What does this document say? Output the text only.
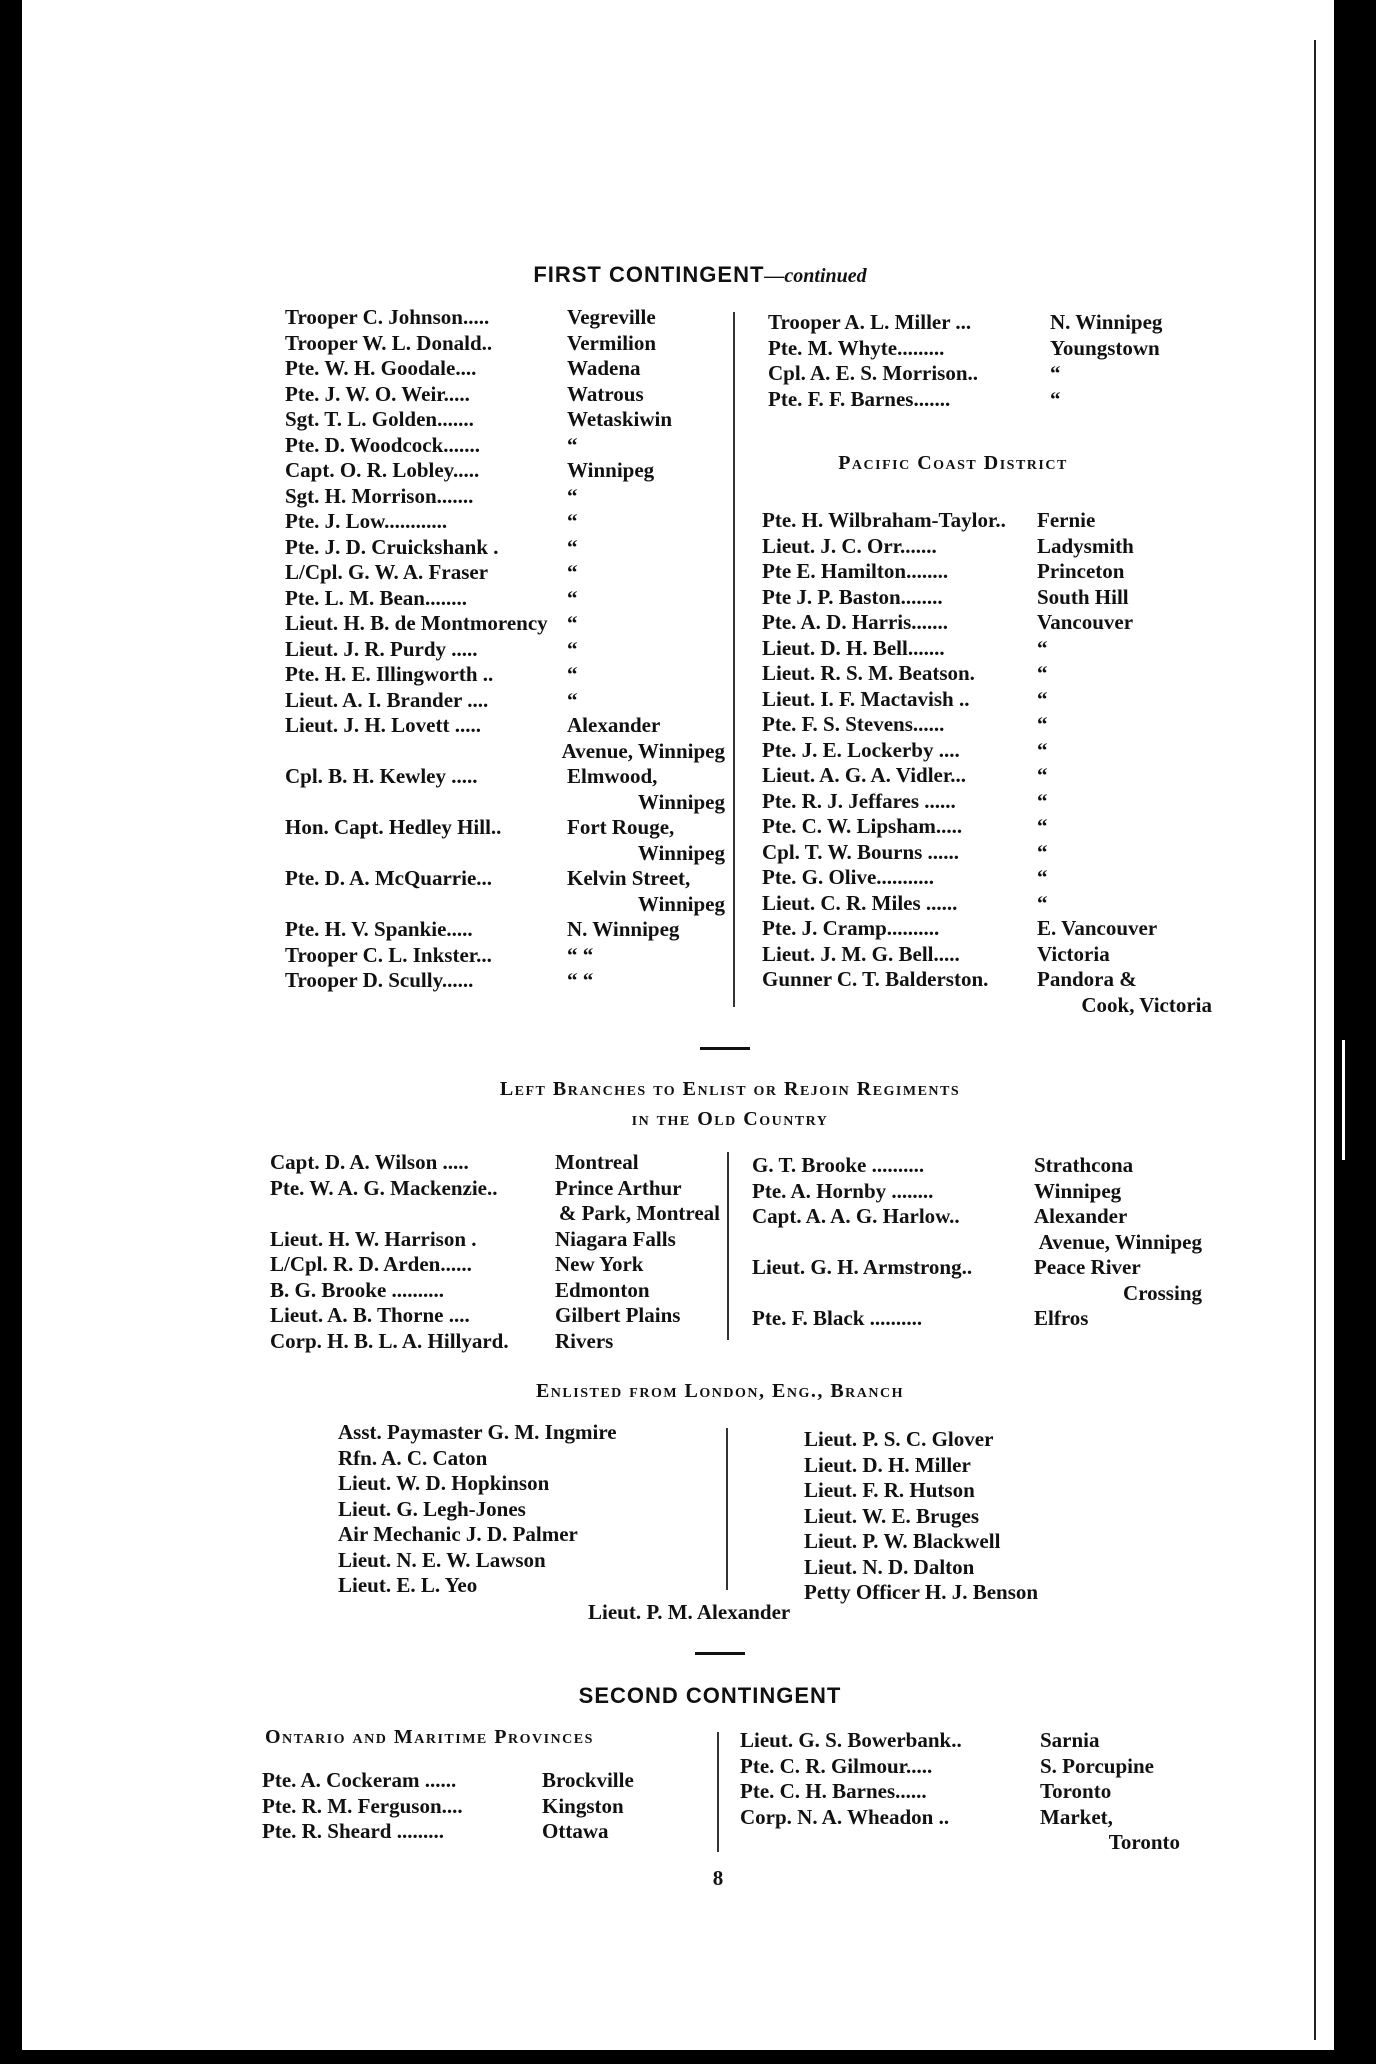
FIRST CONTINGENT—continued
Trooper C. Johnson.....	Vegreville
Trooper W. L. Donald..	Vermilion
Pte. W. H. Goodale....	Wadena
Pte. J. W. O. Weir.....	Watrous
Sgt. T. L. Golden.......	Wetaskiwin
Pte. D. Woodcock.......	“
Capt. O. R. Lobley.....	Winnipeg
Sgt. H. Morrison.......	“
Pte. J. Low............	“
Pte. J. D. Cruickshank .	“
L/Cpl. G. W. A. Fraser	“
Pte. L. M. Bean........	“
Lieut. H. B. de Montmorency “
Lieut. J. R. Purdy .....	“
Pte. H. E. Illingworth ..	“
Lieut. A. I. Brander ....	“
Lieut. J. H. Lovett .....	Alexander
Avenue, Winnipeg
Cpl. B. H. Kewley .....	Elmwood,
Winnipeg
Hon. Capt. Hedley Hill..	Fort Rouge,
Winnipeg
Pte. D. A. McQuarrie...	Kelvin Street,
Winnipeg
Pte. H. V. Spankie.....	N. Winnipeg
Trooper C. L. Inkster...	“ “
Trooper D. Scully......	“ “
Trooper A. L. Miller ...	N. Winnipeg
Pte. M. Whyte.........	Youngstown
Cpl. A. E. S. Morrison..	“
Pte. F. F. Barnes.......	“
Pacific Coast District
Pte. H. Wilbraham-Taylor.. Fernie
Lieut. J. C. Orr.......	Ladysmith
Pte E. Hamilton........	Princeton
Pte J. P. Baston........	South Hill
Pte. A. D. Harris.......	Vancouver
Lieut. D. H. Bell.......	“
Lieut. R. S. M. Beatson.	“
Lieut. I. F. Mactavish ..	“
Pte. F. S. Stevens......	“
Pte. J. E. Lockerby ....	“
Lieut. A. G. A. Vidler...	“
Pte. R. J. Jeffares ......	“
Pte. C. W. Lipsham.....	“
Cpl. T. W. Bourns ......	“
Pte. G. Olive...........	“
Lieut. C. R. Miles ......	“
Pte. J. Cramp..........	E. Vancouver
Lieut. J. M. G. Bell.....	Victoria
Gunner C. T. Balderston. Pandora &
Cook, Victoria
Left Branches to Enlist or Rejoin Regiments
in the Old Country
Capt. D. A. Wilson .....	Montreal
Pte. W. A. G. Mackenzie..	Prince Arthur
& Park, Montreal
Lieut. H. W. Harrison .	Niagara Falls
L/Cpl. R. D. Arden......	New York
B. G. Brooke ..........	Edmonton
Lieut. A. B. Thorne ....	Gilbert Plains
Corp. H. B. L. A. Hillyard. Rivers
G. T. Brooke ..........	Strathcona
Pte. A. Hornby ........	Winnipeg
Capt. A. A. G. Harlow..	Alexander
Avenue, Winnipeg
Lieut. G. H. Armstrong..	Peace River
Crossing
Pte. F. Black ..........	Elfros
Enlisted from London, Eng., Branch
Asst. Paymaster G. M. Ingmire
Rfn. A. C. Caton
Lieut. W. D. Hopkinson
Lieut. G. Legh-Jones
Air Mechanic J. D. Palmer
Lieut. N. E. W. Lawson
Lieut. E. L. Yeo
Lieut. P. S. C. Glover
Lieut. D. H. Miller
Lieut. F. R. Hutson
Lieut. W. E. Bruges
Lieut. P. W. Blackwell
Lieut. N. D. Dalton
Petty Officer H. J. Benson
Lieut. P. M. Alexander
SECOND CONTINGENT
Ontario and Maritime Provinces
Pte. A. Cockeram ......	Brockville
Pte. R. M. Ferguson....	Kingston
Pte. R. Sheard .........	Ottawa
Lieut. G. S. Bowerbank..	Sarnia
Pte. C. R. Gilmour.....	S. Porcupine
Pte. C. H. Barnes......	Toronto
Corp. N. A. Wheadon ..	Market,
Toronto
8
